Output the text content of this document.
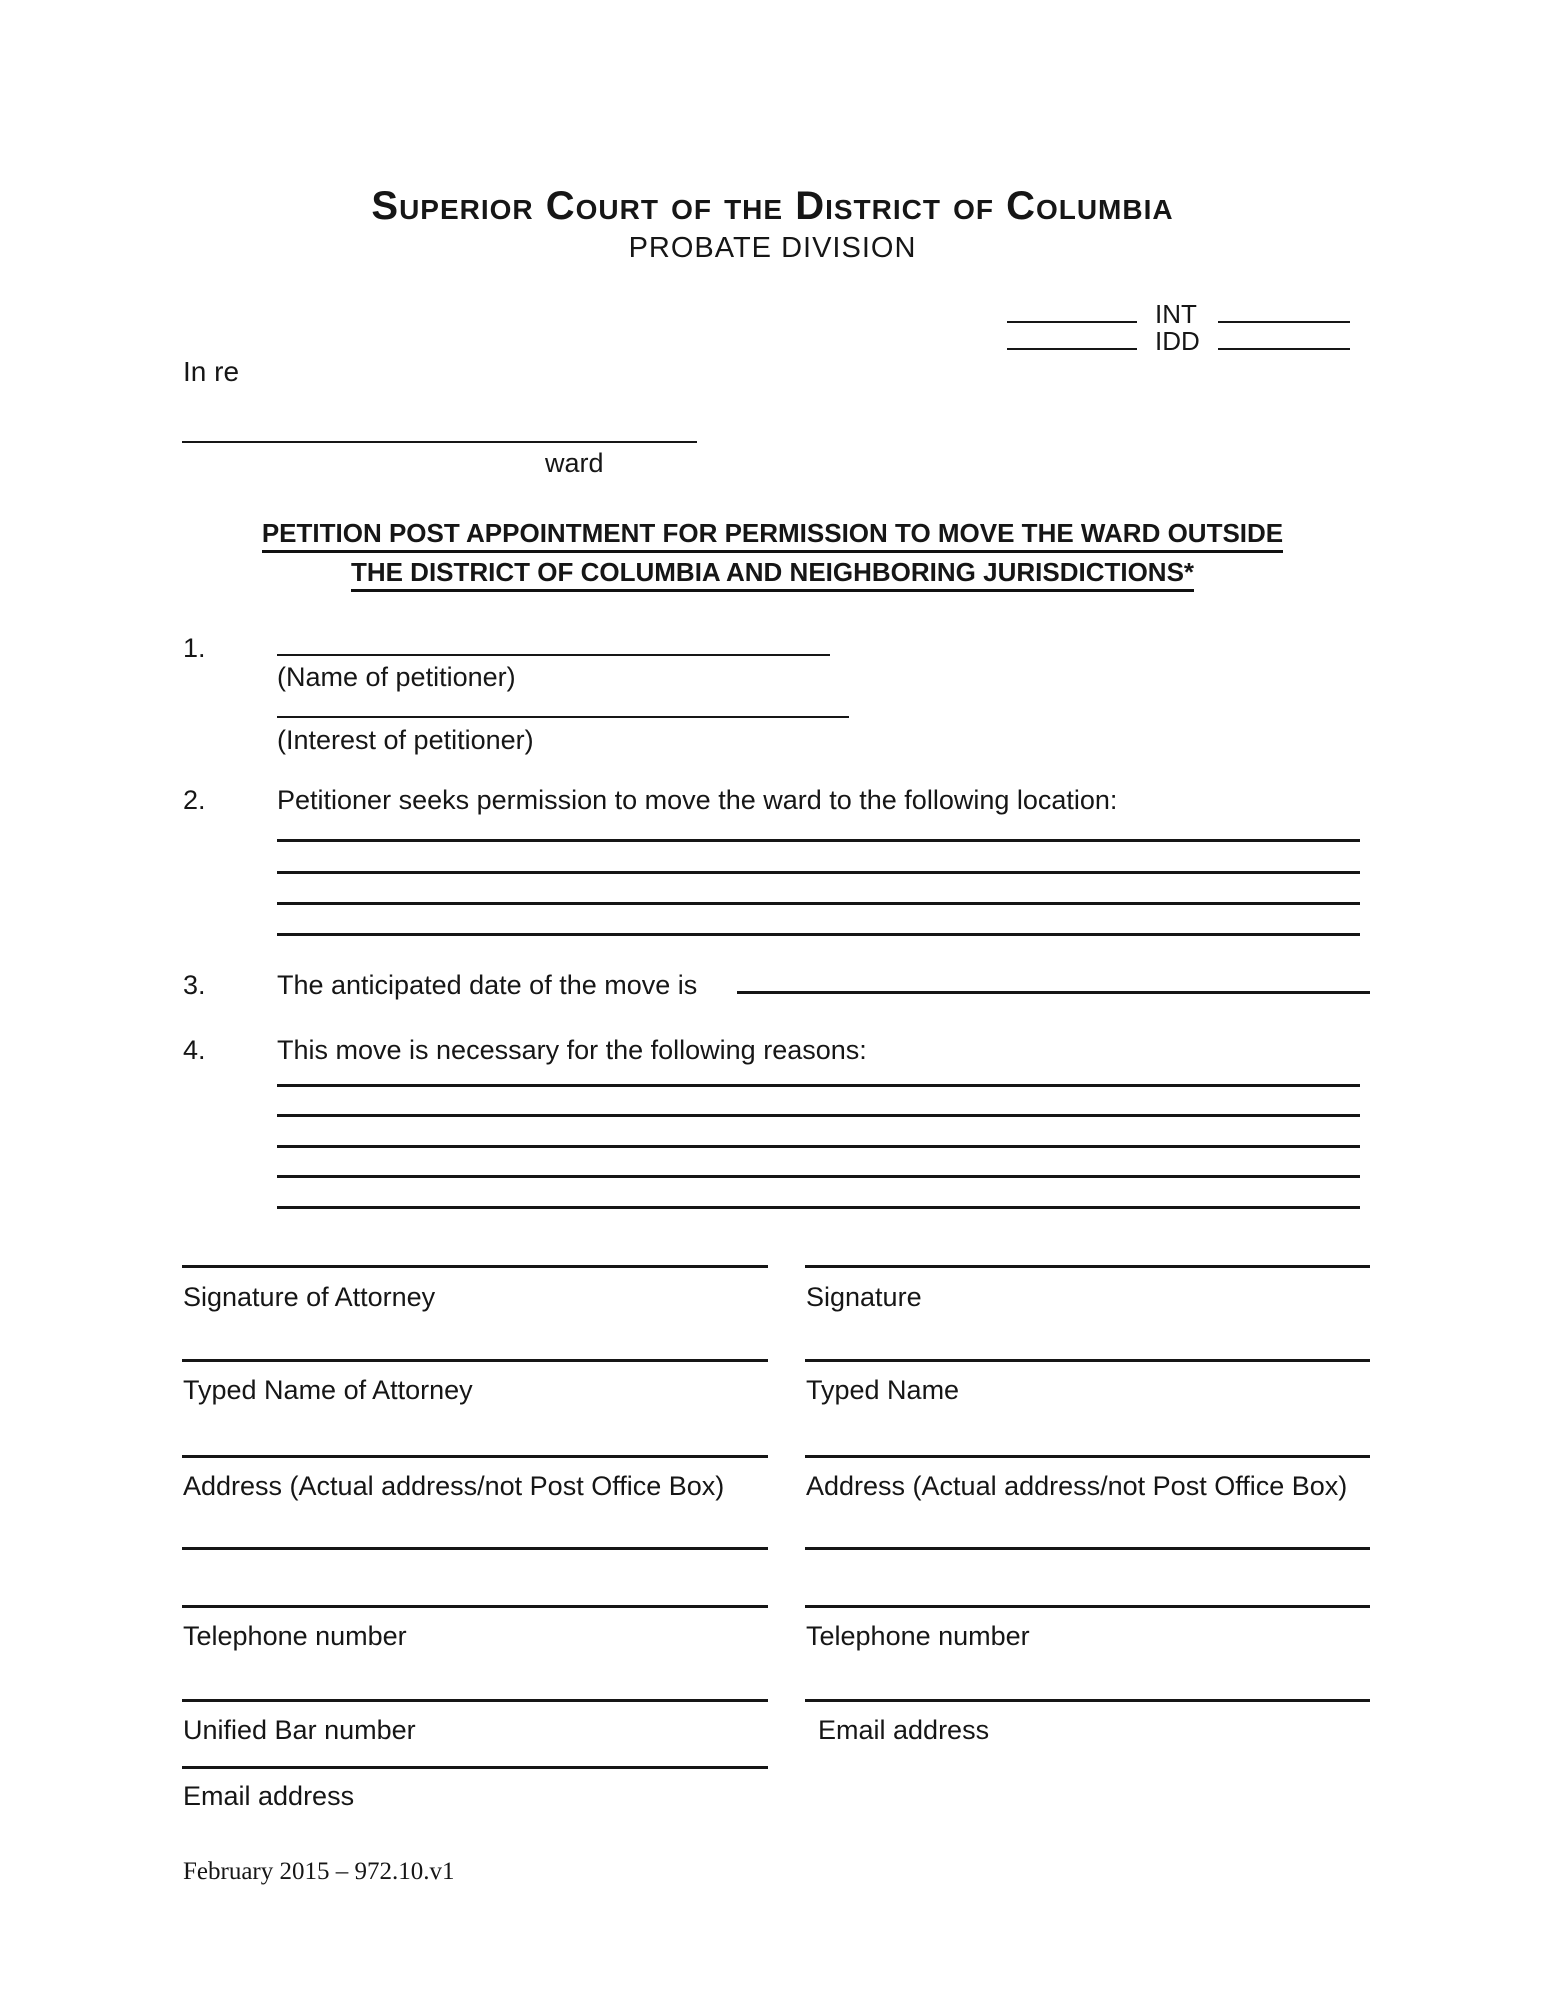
Superior Court of the District of Columbia
PROBATE DIVISION
INT
IDD
In re
ward
PETITION POST APPOINTMENT FOR PERMISSION TO MOVE THE WARD OUTSIDE
THE DISTRICT OF COLUMBIA AND NEIGHBORING JURISDICTIONS*
1.
(Name of petitioner)
(Interest of petitioner)
2.	Petitioner seeks permission to move the ward to the following location:
3.	The anticipated date of the move is
4.	This move is necessary for the following reasons:
Signature of Attorney	Signature
Typed Name of Attorney	Typed Name
Address (Actual address/not Post Office Box)	Address (Actual address/not Post Office Box)
Telephone number	Telephone number
Unified Bar number	Email address
Email address
February 2015 – 972.10.v1
